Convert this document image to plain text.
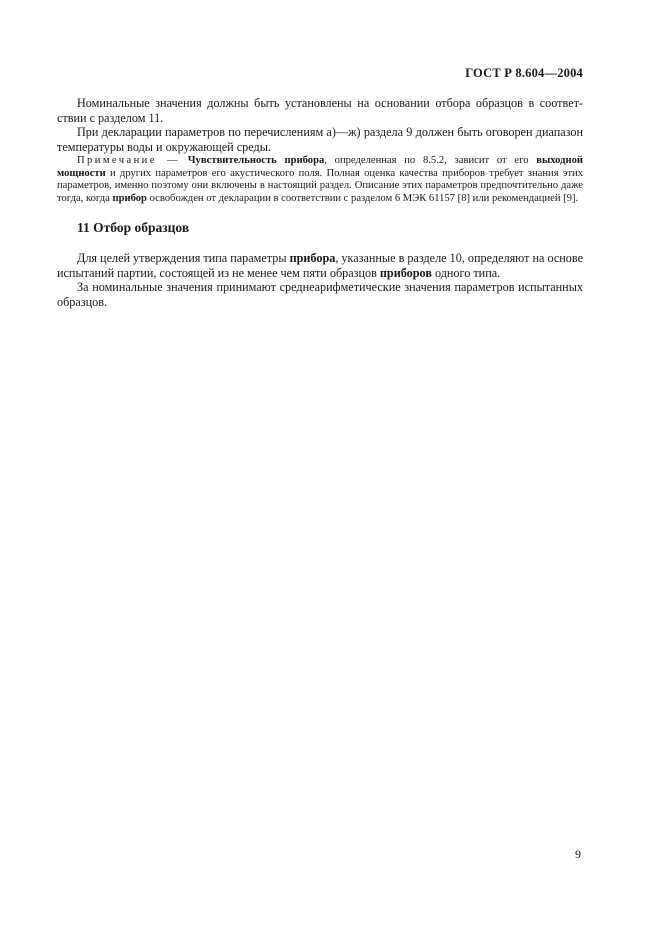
ГОСТ Р 8.604—2004

Номинальные значения должны быть установлены на основании отбора образцов в соответ-ствии с разделом 11.

При декларации параметров по перечислениям а)—ж) раздела 9 должен быть оговорен диапазон температуры воды и окружающей среды.

Примечание — Чувствительность прибора, определенная по 8.5.2, зависит от его выходной мощности и других параметров его акустического поля. Полная оценка качества приборов требует знания этих параметров, именно поэтому они включены в настоящий раздел. Описание этих параметров предпочтительно даже тогда, когда прибор освобожден от декларации в соответствии с разделом 6 МЭК 61157 [8] или рекомендацией [9].

11 Отбор образцов

Для целей утверждения типа параметры прибора, указанные в разделе 10, определяют на основе испытаний партии, состоящей из не менее чем пяти образцов приборов одного типа.

За номинальные значения принимают среднеарифметические значения параметров испытанных образцов.

9
